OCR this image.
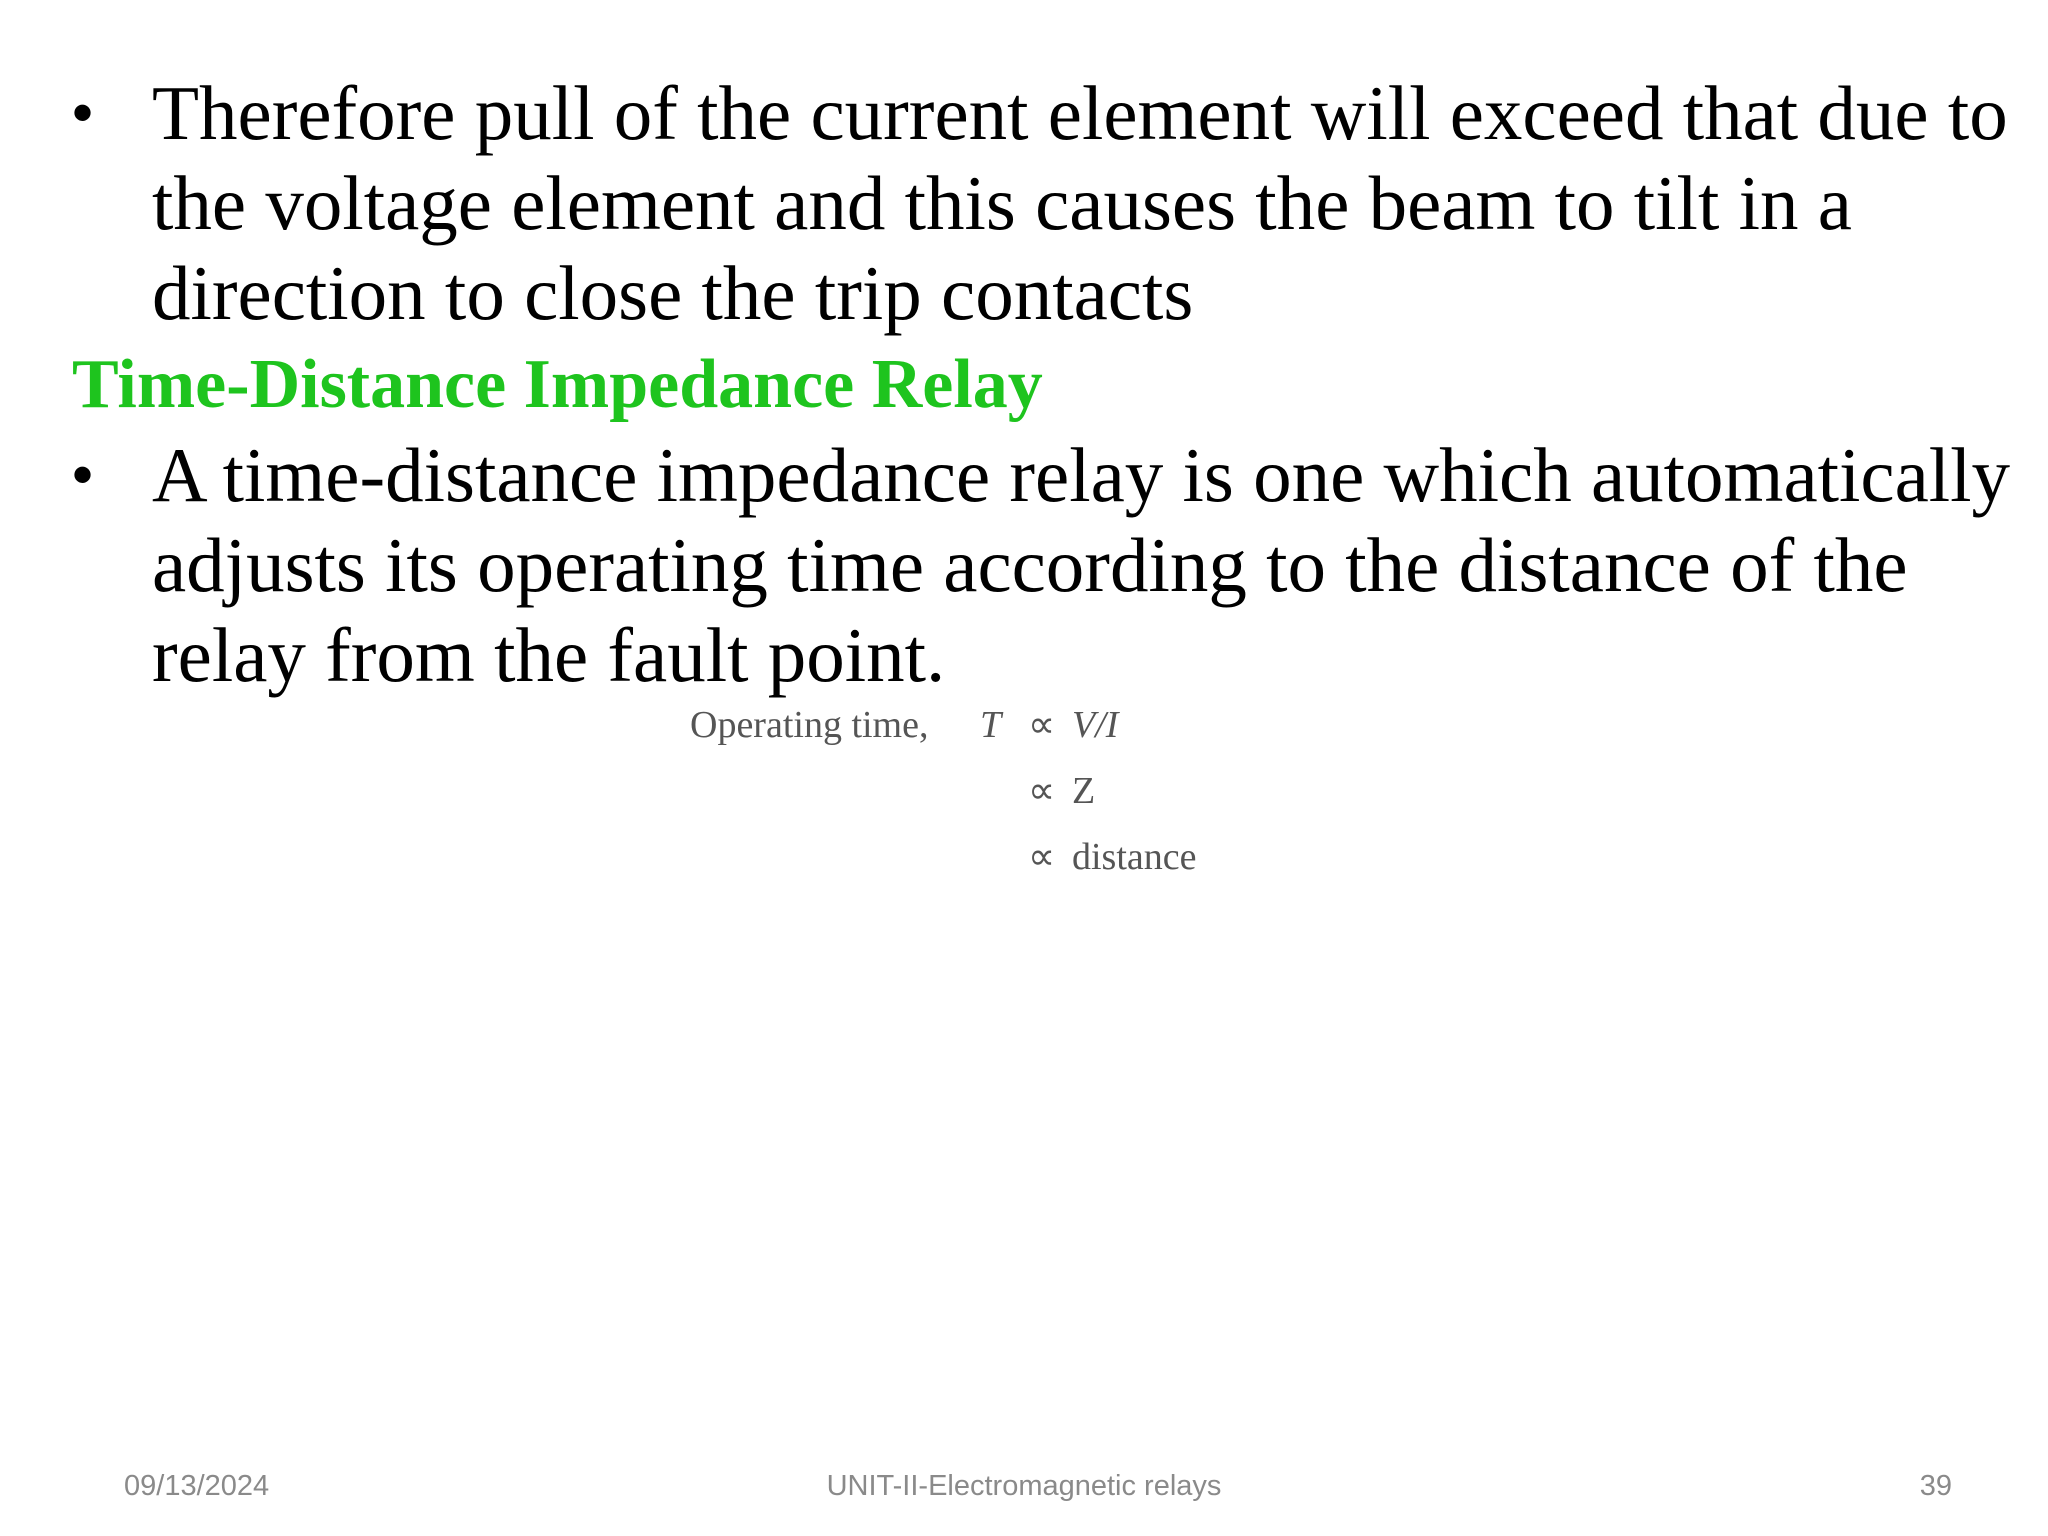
• Therefore pull of the current element will exceed that due to
the voltage element and this causes the beam to tilt in a
direction to close the trip contacts
Time-Distance Impedance Relay
• A time-distance impedance relay is one which automatically
adjusts its operating time according to the distance of the
relay from the fault point.
Operating time, T ∝ V/I
∝ Z
∝ distance
09/13/2024	UNIT-II-Electromagnetic relays	39
